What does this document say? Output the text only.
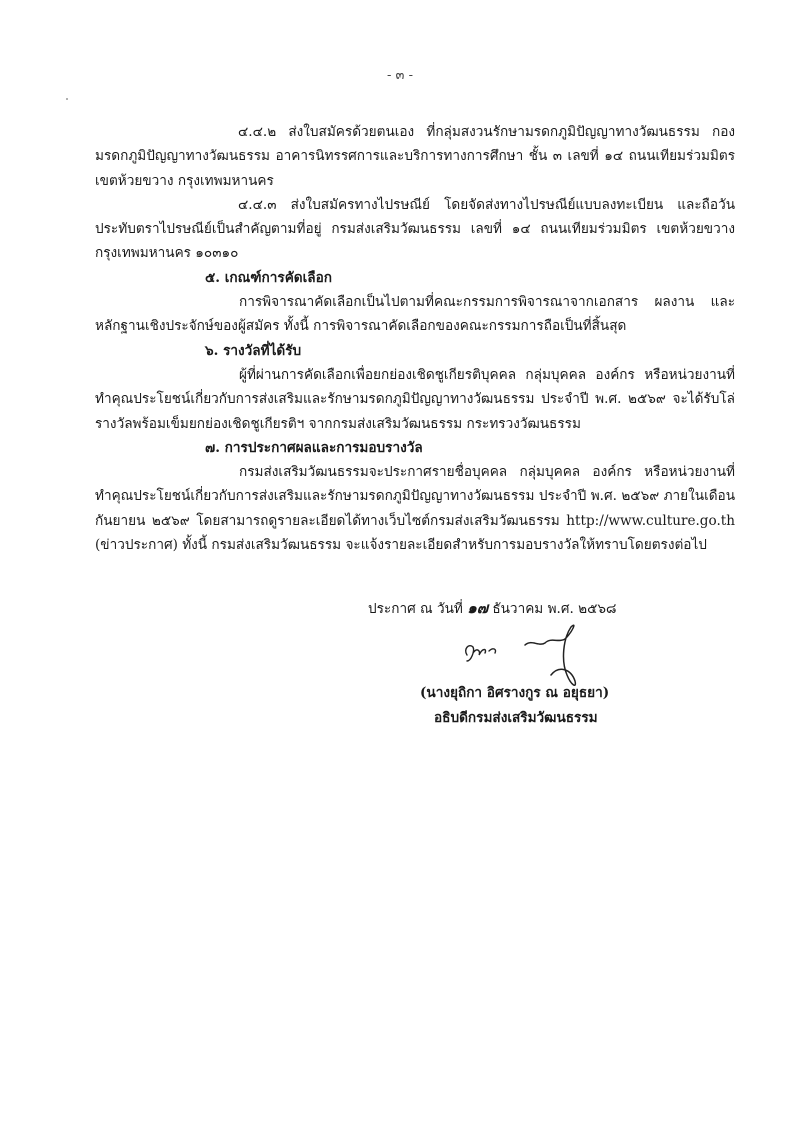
- ๓ -

๔.๔.๒ ส่งใบสมัครด้วยตนเอง ที่กลุ่มสงวนรักษามรดกภูมิปัญญาทางวัฒนธรรม กองมรดกภูมิปัญญาทางวัฒนธรรม อาคารนิทรรศการและบริการทางการศึกษา ชั้น ๓ เลขที่ ๑๔ ถนนเทียมร่วมมิตร เขตห้วยขวาง กรุงเทพมหานคร

๔.๔.๓ ส่งใบสมัครทางไปรษณีย์ โดยจัดส่งทางไปรษณีย์แบบลงทะเบียน และถือวันประทับตราไปรษณีย์เป็นสำคัญตามที่อยู่ กรมส่งเสริมวัฒนธรรม เลขที่ ๑๔ ถนนเทียมร่วมมิตร เขตห้วยขวาง กรุงเทพมหานคร ๑๐๓๑๐

๕. เกณฑ์การคัดเลือก

การพิจารณาคัดเลือกเป็นไปตามที่คณะกรรมการพิจารณาจากเอกสาร ผลงาน และหลักฐานเชิงประจักษ์ของผู้สมัคร ทั้งนี้ การพิจารณาคัดเลือกของคณะกรรมการถือเป็นที่สิ้นสุด

๖. รางวัลที่ได้รับ

ผู้ที่ผ่านการคัดเลือกเพื่อยกย่องเชิดชูเกียรติบุคคล กลุ่มบุคคล องค์กร หรือหน่วยงานที่ทำคุณประโยชน์เกี่ยวกับการส่งเสริมและรักษามรดกภูมิปัญญาทางวัฒนธรรม ประจำปี พ.ศ. ๒๕๖๙ จะได้รับโล่รางวัลพร้อมเข็มยกย่องเชิดชูเกียรติฯ จากกรมส่งเสริมวัฒนธรรม กระทรวงวัฒนธรรม

๗. การประกาศผลและการมอบรางวัล

กรมส่งเสริมวัฒนธรรมจะประกาศรายชื่อบุคคล กลุ่มบุคคล องค์กร หรือหน่วยงานที่ทำคุณประโยชน์เกี่ยวกับการส่งเสริมและรักษามรดกภูมิปัญญาทางวัฒนธรรม ประจำปี พ.ศ. ๒๕๖๙ ภายในเดือนกันยายน ๒๕๖๙ โดยสามารถดูรายละเอียดได้ทางเว็บไซต์กรมส่งเสริมวัฒนธรรม http://www.culture.go.th (ข่าวประกาศ) ทั้งนี้ กรมส่งเสริมวัฒนธรรม จะแจ้งรายละเอียดสำหรับการมอบรางวัลให้ทราบโดยตรงต่อไป

ประกาศ ณ วันที่ ๑๗ ธันวาคม พ.ศ. ๒๕๖๘
(นางยุถิกา อิศรางกูร ณ อยุธยา)
อธิบดีกรมส่งเสริมวัฒนธรรม
